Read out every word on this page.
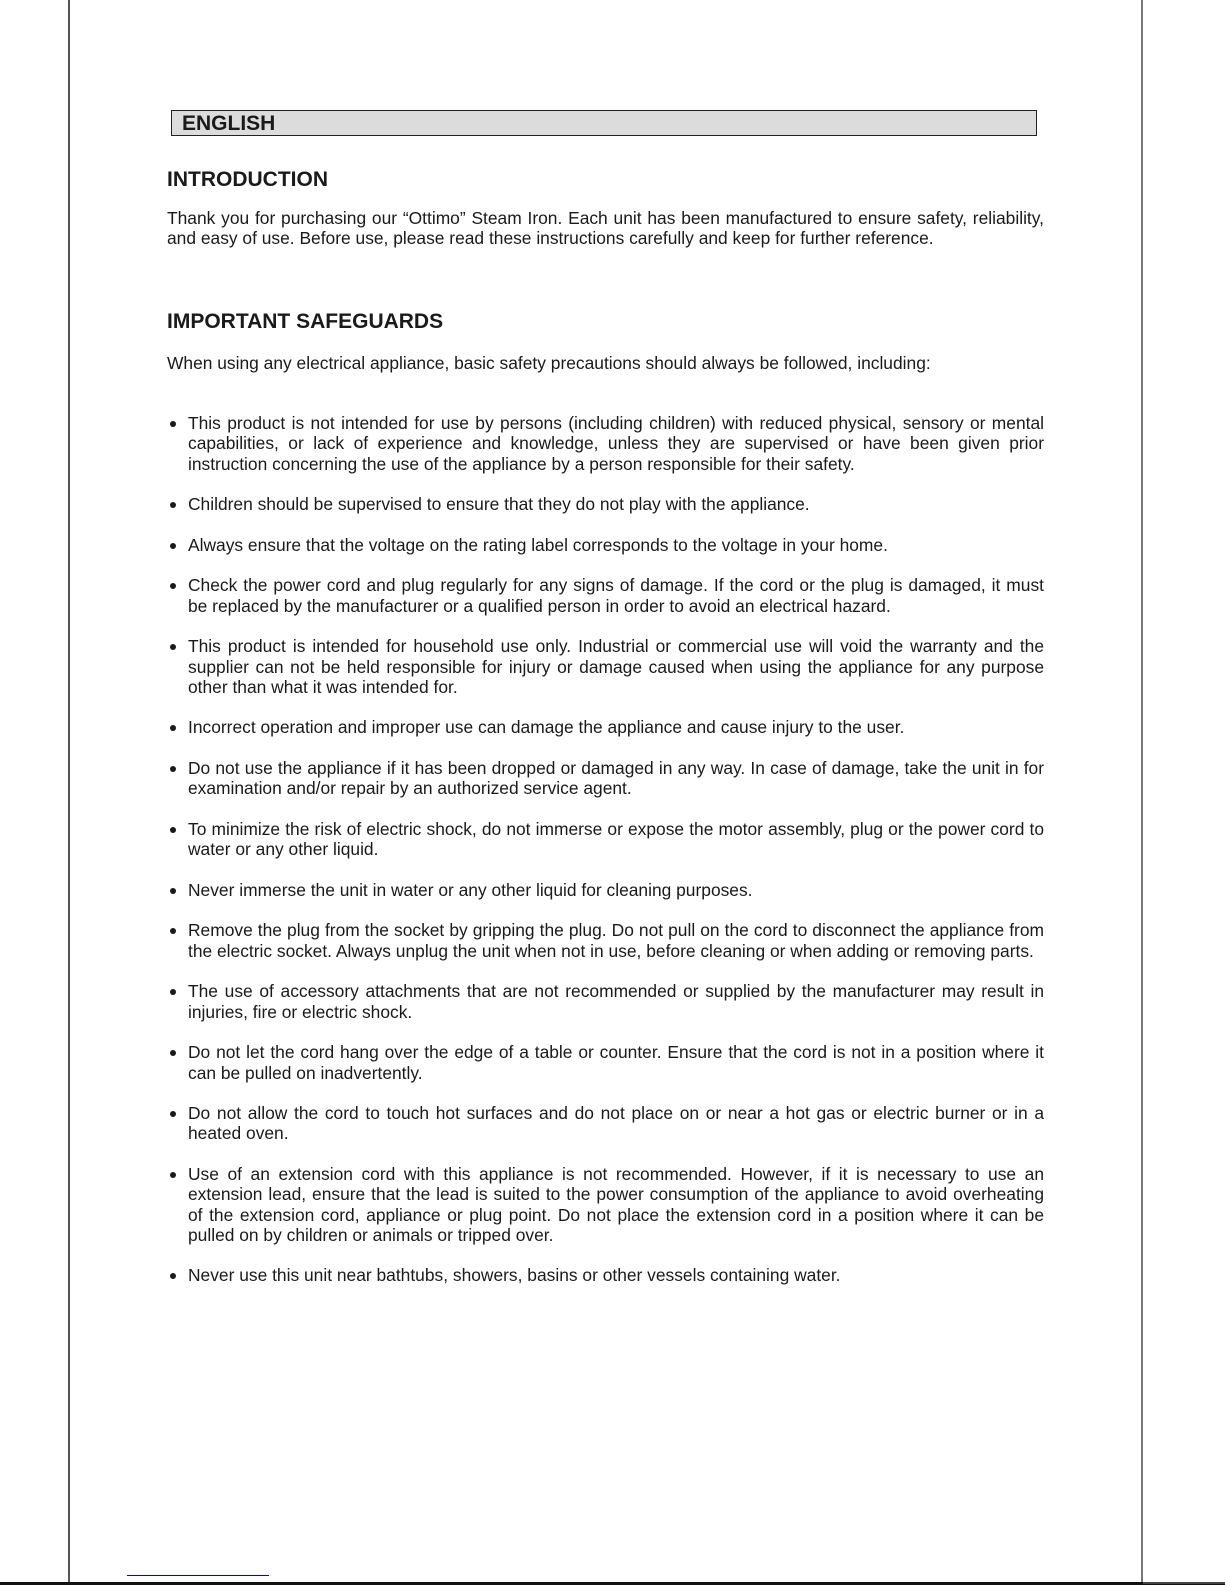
ENGLISH
INTRODUCTION

Thank you for purchasing our “Ottimo” Steam Iron. Each unit has been manufactured to ensure safety, reliability, and easy of use. Before use, please read these instructions carefully and keep for further reference.

IMPORTANT SAFEGUARDS

When using any electrical appliance, basic safety precautions should always be followed, including:

This product is not intended for use by persons (including children) with reduced physical, sensory or mental capabilities, or lack of experience and knowledge, unless they are supervised or have been given prior instruction concerning the use of the appliance by a person responsible for their safety.
Children should be supervised to ensure that they do not play with the appliance.
Always ensure that the voltage on the rating label corresponds to the voltage in your home.
Check the power cord and plug regularly for any signs of damage. If the cord or the plug is damaged, it must be replaced by the manufacturer or a qualified person in order to avoid an electrical hazard.
This product is intended for household use only. Industrial or commercial use will void the warranty and the supplier can not be held responsible for injury or damage caused when using the appliance for any purpose other than what it was intended for.
Incorrect operation and improper use can damage the appliance and cause injury to the user.
Do not use the appliance if it has been dropped or damaged in any way. In case of damage, take the unit in for examination and/or repair by an authorized service agent.
To minimize the risk of electric shock, do not immerse or expose the motor assembly, plug or the power cord to water or any other liquid.
Never immerse the unit in water or any other liquid for cleaning purposes.
Remove the plug from the socket by gripping the plug. Do not pull on the cord to disconnect the appliance from the electric socket. Always unplug the unit when not in use, before cleaning or when adding or removing parts.
The use of accessory attachments that are not recommended or supplied by the manufacturer may result in injuries, fire or electric shock.
Do not let the cord hang over the edge of a table or counter. Ensure that the cord is not in a position where it can be pulled on inadvertently.
Do not allow the cord to touch hot surfaces and do not place on or near a hot gas or electric burner or in a heated oven.
Use of an extension cord with this appliance is not recommended. However, if it is necessary to use an extension lead, ensure that the lead is suited to the power consumption of the appliance to avoid overheating of the extension cord, appliance or plug point. Do not place the extension cord in a position where it can be pulled on by children or animals or tripped over.
Never use this unit near bathtubs, showers, basins or other vessels containing water.
